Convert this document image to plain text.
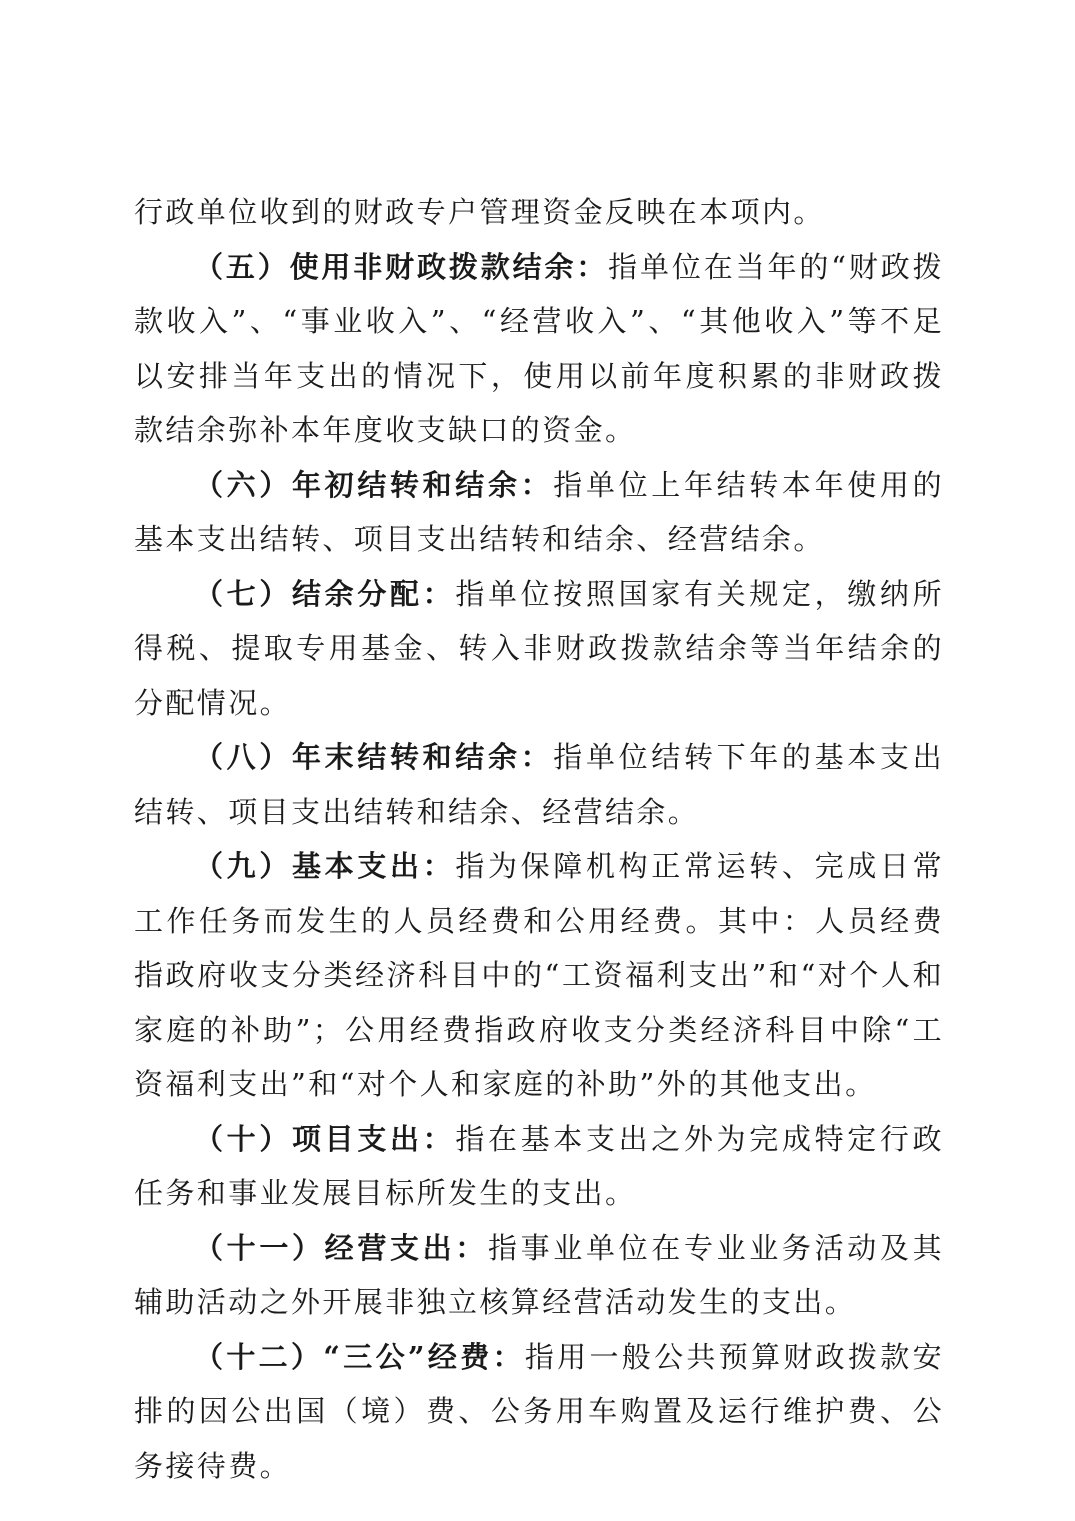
行政单位收到的财政专户管理资金反映在本项内。

（五）使用非财政拨款结余：指单位在当年的“财政拨款收入”、“事业收入”、“经营收入”、“其他收入”等不足以安排当年支出的情况下，使用以前年度积累的非财政拨款结余弥补本年度收支缺口的资金。

（六）年初结转和结余：指单位上年结转本年使用的基本支出结转、项目支出结转和结余、经营结余。

（七）结余分配：指单位按照国家有关规定，缴纳所得税、提取专用基金、转入非财政拨款结余等当年结余的分配情况。

（八）年末结转和结余：指单位结转下年的基本支出结转、项目支出结转和结余、经营结余。

（九）基本支出：指为保障机构正常运转、完成日常工作任务而发生的人员经费和公用经费。其中：人员经费指政府收支分类经济科目中的“工资福利支出”和“对个人和家庭的补助”；公用经费指政府收支分类经济科目中除“工资福利支出”和“对个人和家庭的补助”外的其他支出。

（十）项目支出：指在基本支出之外为完成特定行政任务和事业发展目标所发生的支出。

（十一）经营支出：指事业单位在专业业务活动及其辅助活动之外开展非独立核算经营活动发生的支出。

（十二）“三公”经费：指用一般公共预算财政拨款安排的因公出国（境）费、公务用车购置及运行维护费、公务接待费。
